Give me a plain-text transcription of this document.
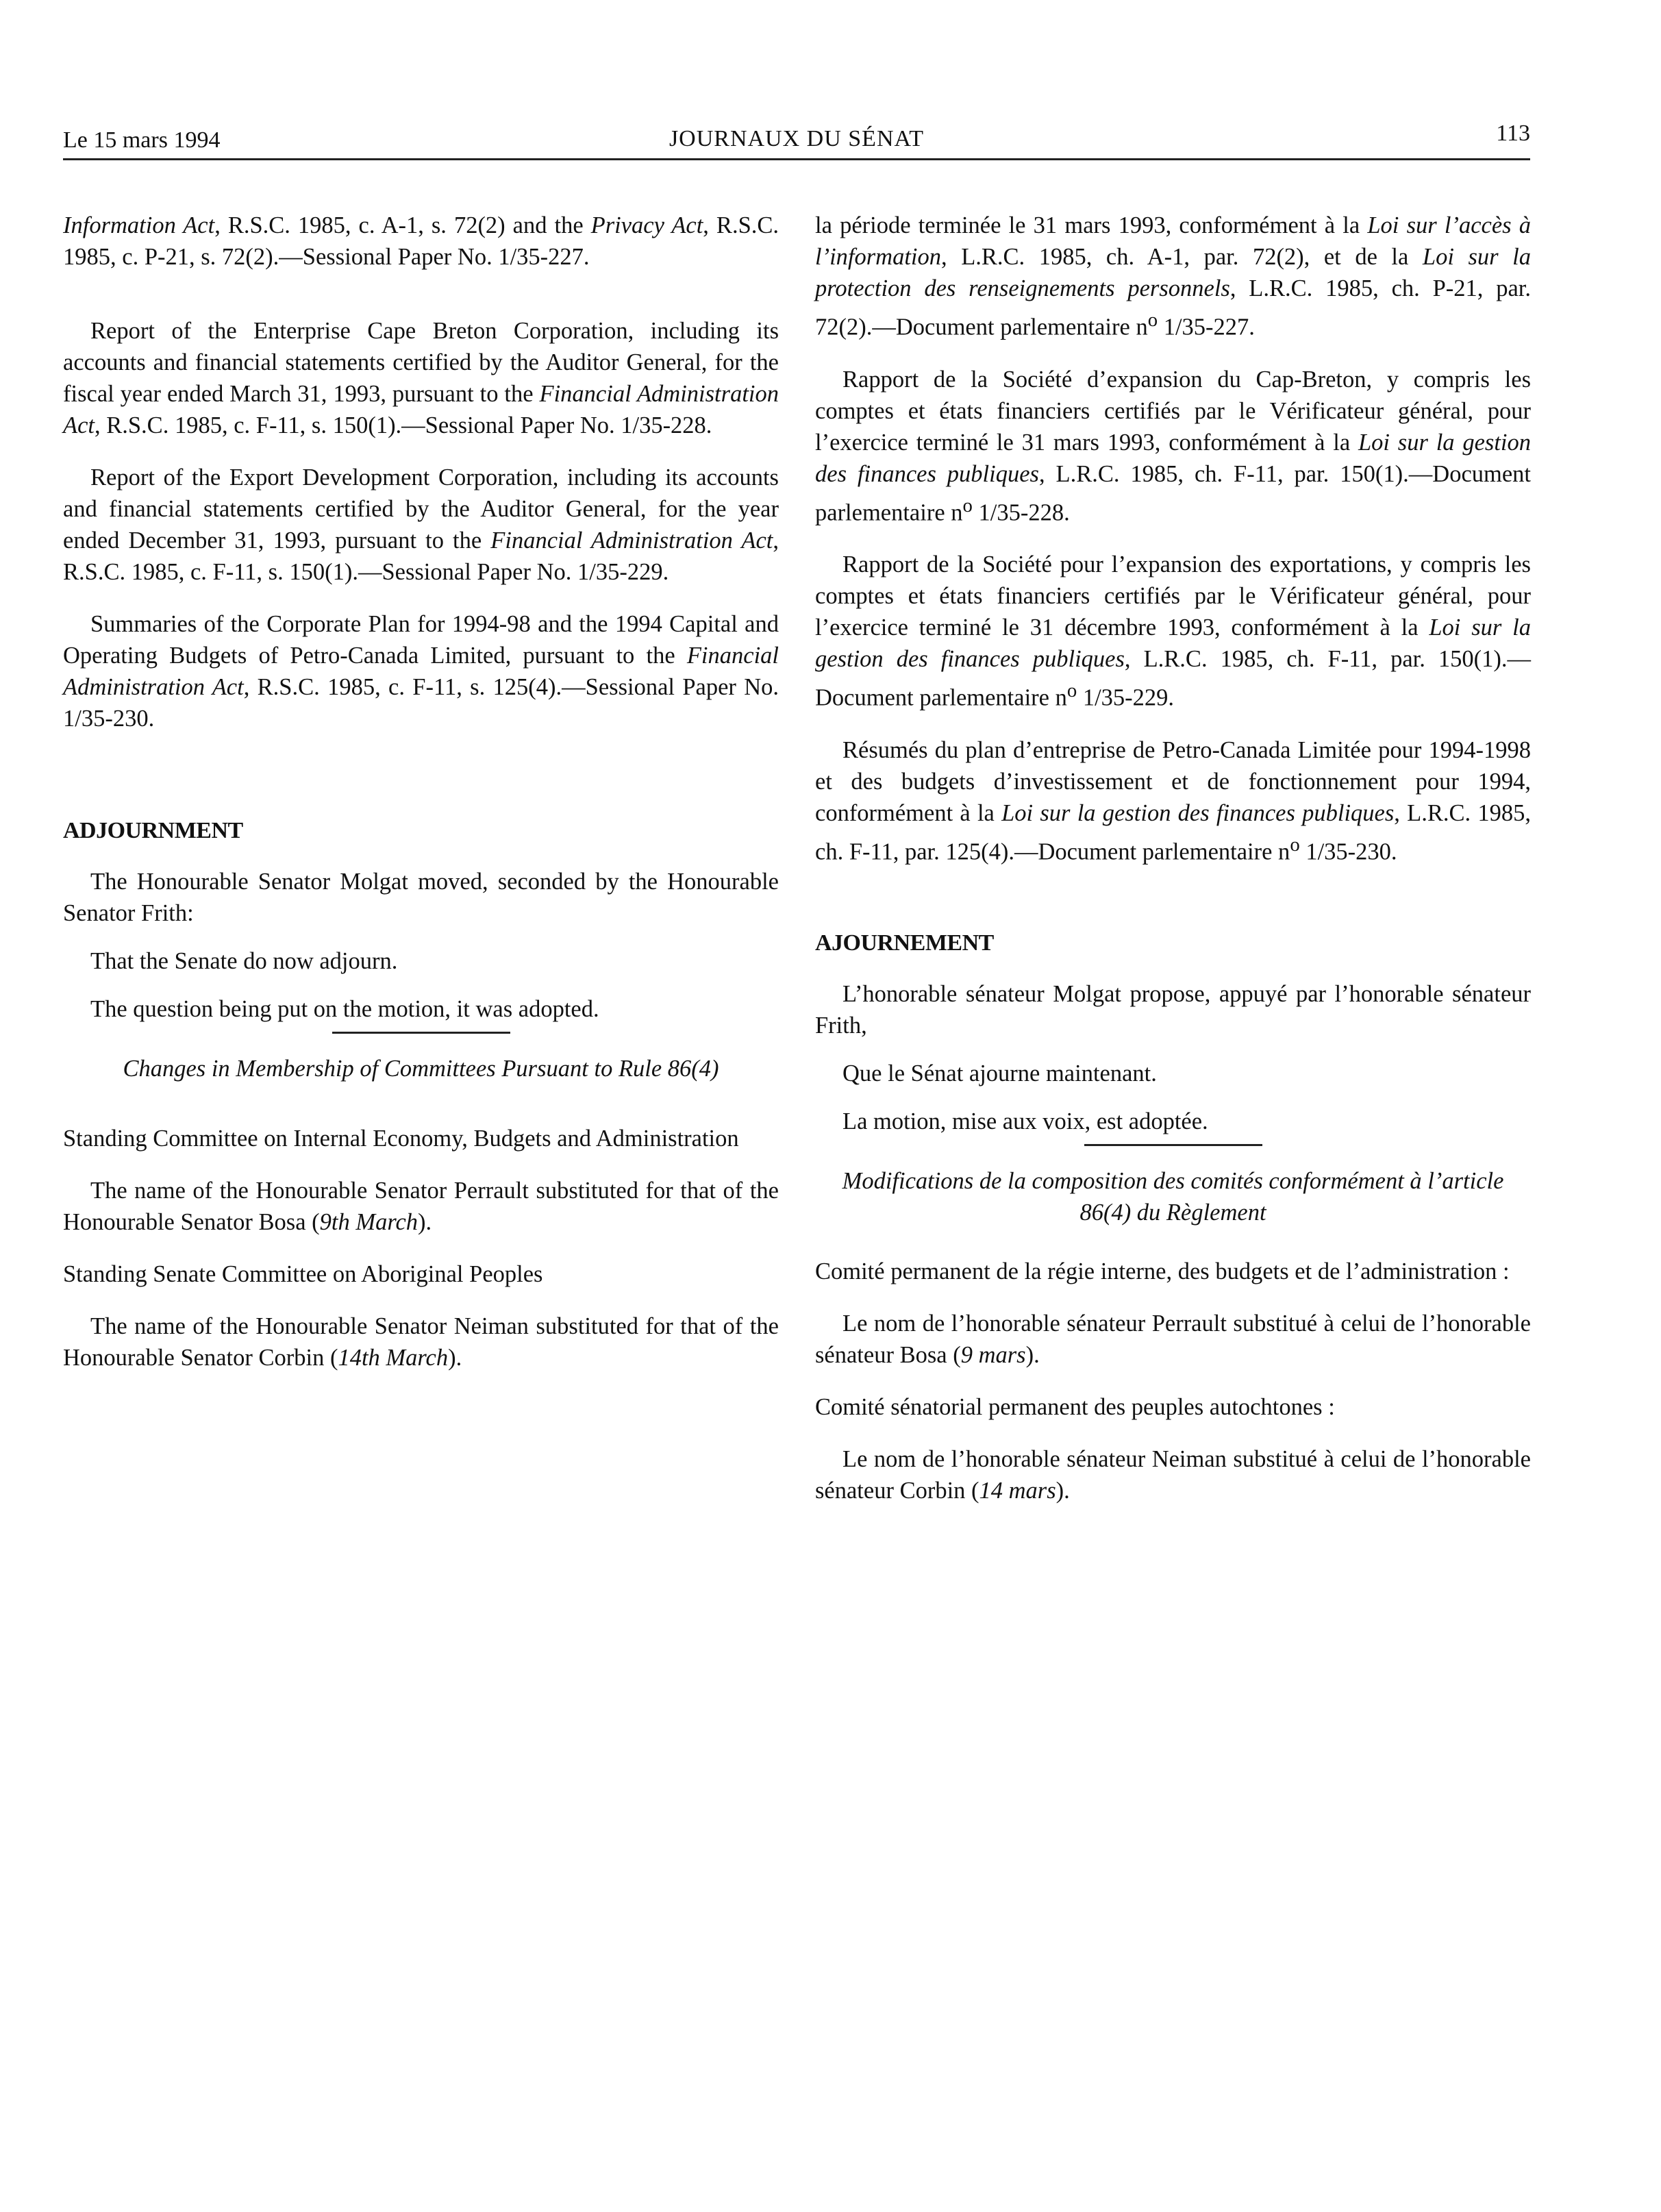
Le 15 mars 1994	JOURNAUX DU SÉNAT	113

Information Act, R.S.C. 1985, c. A-1, s. 72(2) and the Privacy Act, R.S.C. 1985, c. P-21, s. 72(2).—Sessional Paper No. 1/35-227.

Report of the Enterprise Cape Breton Corporation, including its accounts and financial statements certified by the Auditor General, for the fiscal year ended March 31, 1993, pursuant to the Financial Administration Act, R.S.C. 1985, c. F-11, s. 150(1).—Sessional Paper No. 1/35-228.

Report of the Export Development Corporation, including its accounts and financial statements certified by the Auditor General, for the year ended December 31, 1993, pursuant to the Financial Administration Act, R.S.C. 1985, c. F-11, s. 150(1).—Sessional Paper No. 1/35-229.

Summaries of the Corporate Plan for 1994-98 and the 1994 Capital and Operating Budgets of Petro-Canada Limited, pursuant to the Financial Administration Act, R.S.C. 1985, c. F-11, s. 125(4).—Sessional Paper No. 1/35-230.

ADJOURNMENT

The Honourable Senator Molgat moved, seconded by the Honourable Senator Frith:

That the Senate do now adjourn.

The question being put on the motion, it was adopted.

Changes in Membership of Committees Pursuant to Rule 86(4)

Standing Committee on Internal Economy, Budgets and Administration

The name of the Honourable Senator Perrault substituted for that of the Honourable Senator Bosa (9th March).

Standing Senate Committee on Aboriginal Peoples

The name of the Honourable Senator Neiman substituted for that of the Honourable Senator Corbin (14th March).

la période terminée le 31 mars 1993, conformément à la Loi sur l’accès à l’information, L.R.C. 1985, ch. A-1, par. 72(2), et de la Loi sur la protection des renseignements personnels, L.R.C. 1985, ch. P-21, par. 72(2).—Document parlementaire $n^o$ 1/35-227.

Rapport de la Société d’expansion du Cap-Breton, y compris les comptes et états financiers certifiés par le Vérificateur général, pour l’exercice terminé le 31 mars 1993, conformément à la Loi sur la gestion des finances publiques, L.R.C. 1985, ch. F-11, par. 150(1).—Document parlementaire $n^o$ 1/35-228.

Rapport de la Société pour l’expansion des exportations, y compris les comptes et états financiers certifiés par le Vérificateur général, pour l’exercice terminé le 31 décembre 1993, conformément à la Loi sur la gestion des finances publiques, L.R.C. 1985, ch. F-11, par. 150(1).—Document parlementaire $n^o$ 1/35-229.

Résumés du plan d’entreprise de Petro-Canada Limitée pour 1994-1998 et des budgets d’investissement et de fonctionnement pour 1994, conformément à la Loi sur la gestion des finances publiques, L.R.C. 1985, ch. F-11, par. 125(4).—Document parlementaire $n^o$ 1/35-230.

AJOURNEMENT

L’honorable sénateur Molgat propose, appuyé par l’honorable sénateur Frith,

Que le Sénat ajourne maintenant.

La motion, mise aux voix, est adoptée.

Modifications de la composition des comités conformément à l’article 86(4) du Règlement

Comité permanent de la régie interne, des budgets et de l’administration :

Le nom de l’honorable sénateur Perrault substitué à celui de l’honorable sénateur Bosa (9 mars).

Comité sénatorial permanent des peuples autochtones :

Le nom de l’honorable sénateur Neiman substitué à celui de l’honorable sénateur Corbin (14 mars).
